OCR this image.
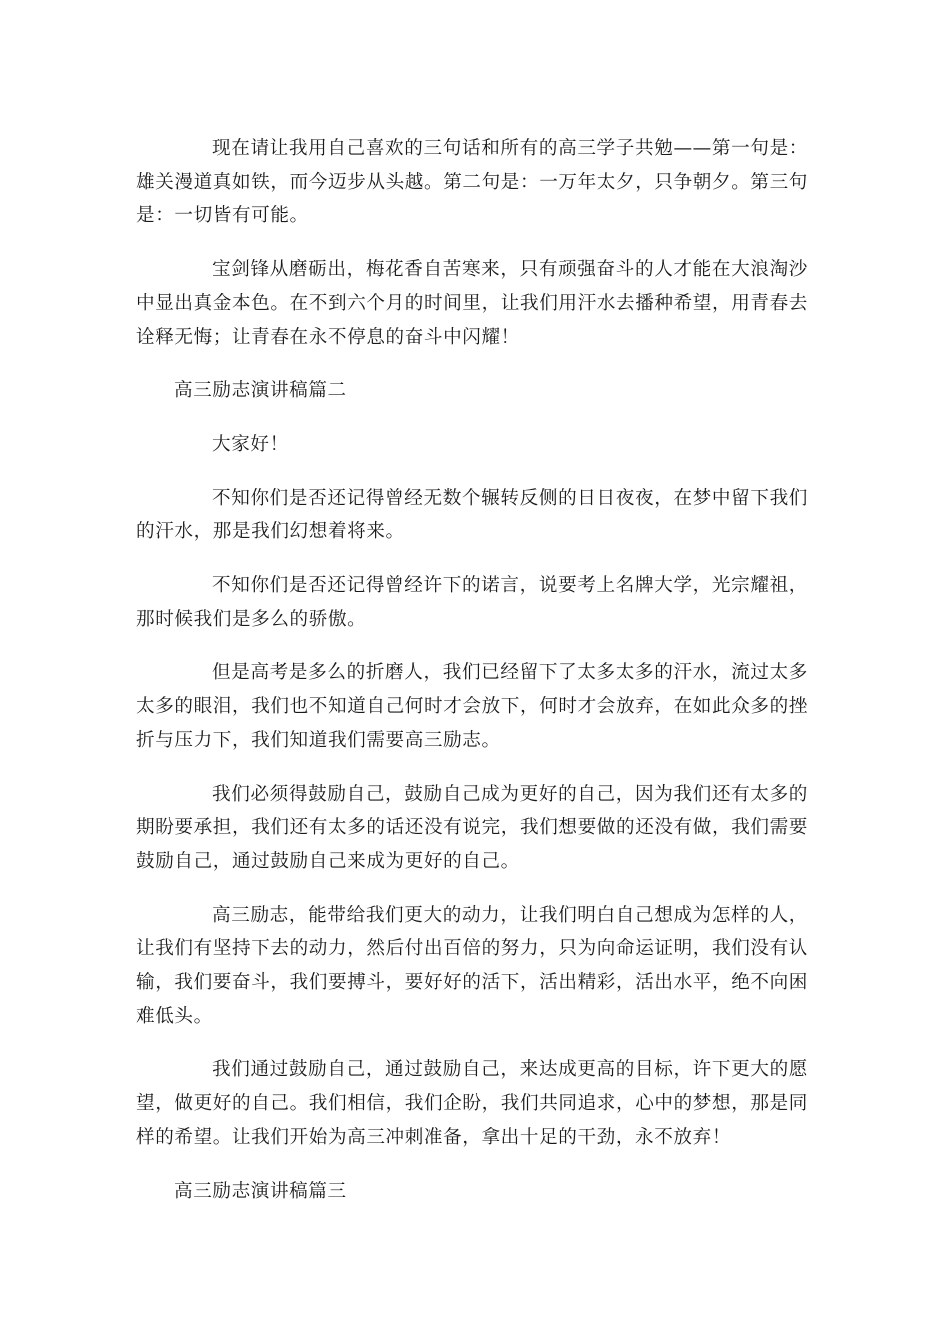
现在请让我用自己喜欢的三句话和所有的高三学子共勉——第一句是：雄关漫道真如铁，而今迈步从头越。第二句是：一万年太夕，只争朝夕。第三句是：一切皆有可能。

宝剑锋从磨砺出，梅花香自苦寒来，只有顽强奋斗的人才能在大浪淘沙中显出真金本色。在不到六个月的时间里，让我们用汗水去播种希望，用青春去诠释无悔；让青春在永不停息的奋斗中闪耀！

高三励志演讲稿篇二

大家好！

不知你们是否还记得曾经无数个辗转反侧的日日夜夜，在梦中留下我们的汗水，那是我们幻想着将来。

不知你们是否还记得曾经许下的诺言，说要考上名牌大学，光宗耀祖，那时候我们是多么的骄傲。

但是高考是多么的折磨人，我们已经留下了太多太多的汗水，流过太多太多的眼泪，我们也不知道自己何时才会放下，何时才会放弃，在如此众多的挫折与压力下，我们知道我们需要高三励志。

我们必须得鼓励自己，鼓励自己成为更好的自己，因为我们还有太多的期盼要承担，我们还有太多的话还没有说完，我们想要做的还没有做，我们需要鼓励自己，通过鼓励自己来成为更好的自己。

高三励志，能带给我们更大的动力，让我们明白自己想成为怎样的人，让我们有坚持下去的动力，然后付出百倍的努力，只为向命运证明，我们没有认输，我们要奋斗，我们要搏斗，要好好的活下，活出精彩，活出水平，绝不向困难低头。

我们通过鼓励自己，通过鼓励自己，来达成更高的目标，许下更大的愿望，做更好的自己。我们相信，我们企盼，我们共同追求，心中的梦想，那是同样的希望。让我们开始为高三冲刺准备，拿出十足的干劲，永不放弃！

高三励志演讲稿篇三
